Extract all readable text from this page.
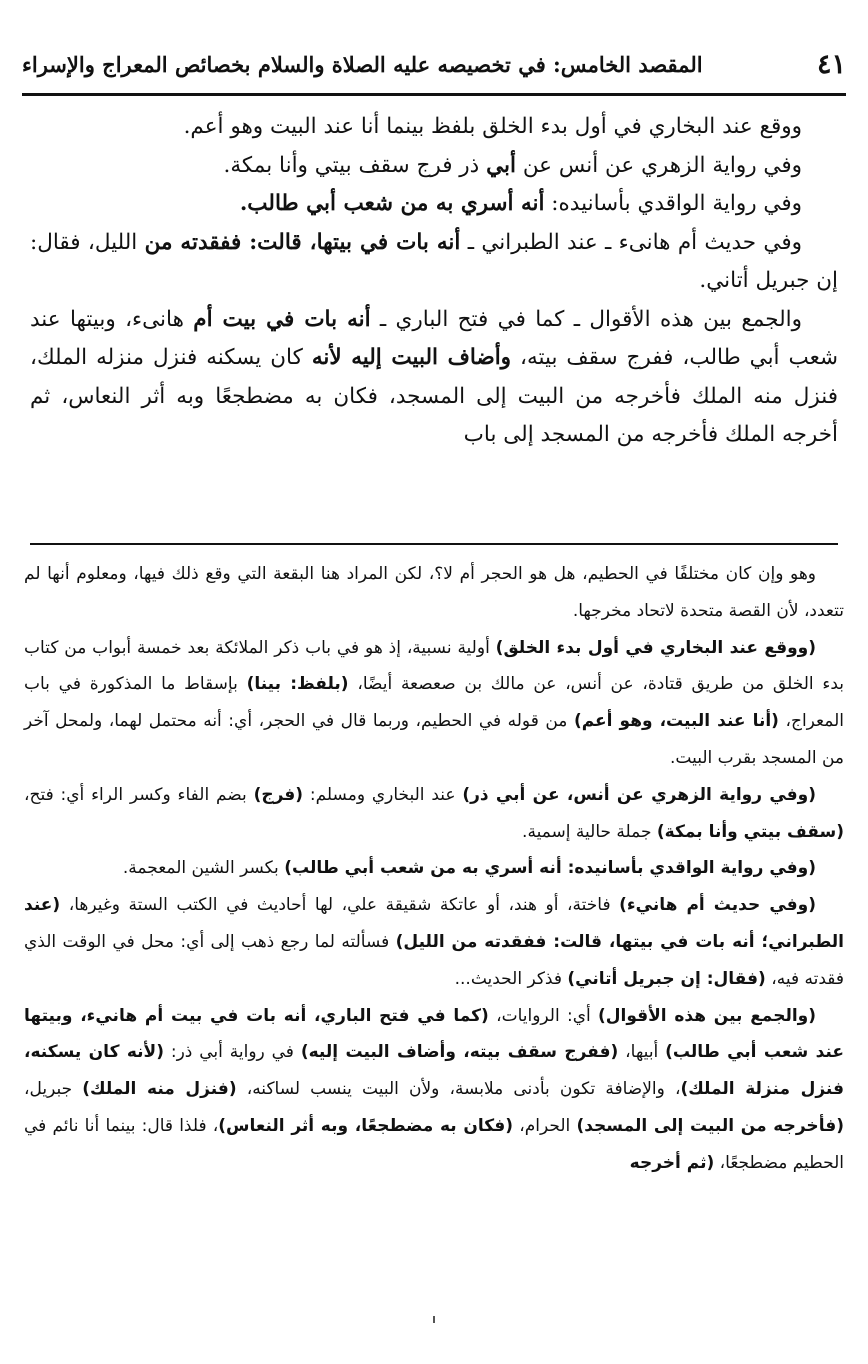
المقصد الخامس: في تخصيصه عليه الصلاة والسلام بخصائص المعراج والإسراء	٤١

ووقع عند البخاري في أول بدء الخلق بلفظ بينما أنا عند البيت وهو أعم.

وفي رواية الزهري عن أنس عن أبي ذر فرج سقف بيتي وأنا بمكة.

وفي رواية الواقدي بأسانيده: أنه أسري به من شعب أبي طالب.

وفي حديث أم هانىء ـ عند الطبراني ـ أنه بات في بيتها، قالت: ففقدته من الليل، فقال: إن جبريل أتاني.

والجمع بين هذه الأقوال ـ كما في فتح الباري ـ أنه بات في بيت أم هانىء، وبيتها عند شعب أبي طالب، ففرج سقف بيته، وأضاف البيت إليه لأنه كان يسكنه فنزل منزله الملك، فنزل منه الملك فأخرجه من البيت إلى المسجد، فكان به مضطجعًا وبه أثر النعاس، ثم أخرجه الملك فأخرجه من المسجد إلى باب

وهو وإن كان مختلفًا في الحطيم، هل هو الحجر أم لا؟، لكن المراد هنا البقعة التي وقع ذلك فيها، ومعلوم أنها لم تتعدد، لأن القصة متحدة لاتحاد مخرجها.

(ووقع عند البخاري في أول بدء الخلق) أولية نسبية، إذ هو في باب ذكر الملائكة بعد خمسة أبواب من كتاب بدء الخلق من طريق قتادة، عن أنس، عن مالك بن صعصعة أيضًا، (بلفظ: بينا) بإسقاط ما المذكورة في باب المعراج، (أنا عند البيت، وهو أعم) من قوله في الحطيم، وربما قال في الحجر، أي: أنه محتمل لهما، ولمحل آخر من المسجد بقرب البيت.

(وفي رواية الزهري عن أنس، عن أبي ذر) عند البخاري ومسلم: (فرج) بضم الفاء وكسر الراء أي: فتح، (سقف بيتي وأنا بمكة) جملة حالية إسمية.

(وفي رواية الواقدي بأسانيده: أنه أسري به من شعب أبي طالب) بكسر الشين المعجمة.

(وفي حديث أم هانيء) فاختة، أو هند، أو عاتكة شقيقة علي، لها أحاديث في الكتب الستة وغيرها، (عند الطبراني؛ أنه بات في بيتها، قالت: ففقدته من الليل) فسألته لما رجع ذهب إلى أي: محل في الوقت الذي فقدته فيه، (فقال: إن جبريل أتاني) فذكر الحديث...

(والجمع بين هذه الأقوال) أي: الروايات، (كما في فتح الباري، أنه بات في بيت أم هانيء، وبيتها عند شعب أبي طالب) أبيها، (ففرج سقف بيته، وأضاف البيت إليه) في رواية أبي ذر: (لأنه كان يسكنه، فنزل منزلة الملك)، والإضافة تكون بأدنى ملابسة، ولأن البيت ينسب لساكنه، (فنزل منه الملك) جبريل، (فأخرجه من البيت إلى المسجد) الحرام، (فكان به مضطجعًا، وبه أثر النعاس)، فلذا قال: بينما أنا نائم في الحطيم مضطجعًا، (ثم أخرجه
